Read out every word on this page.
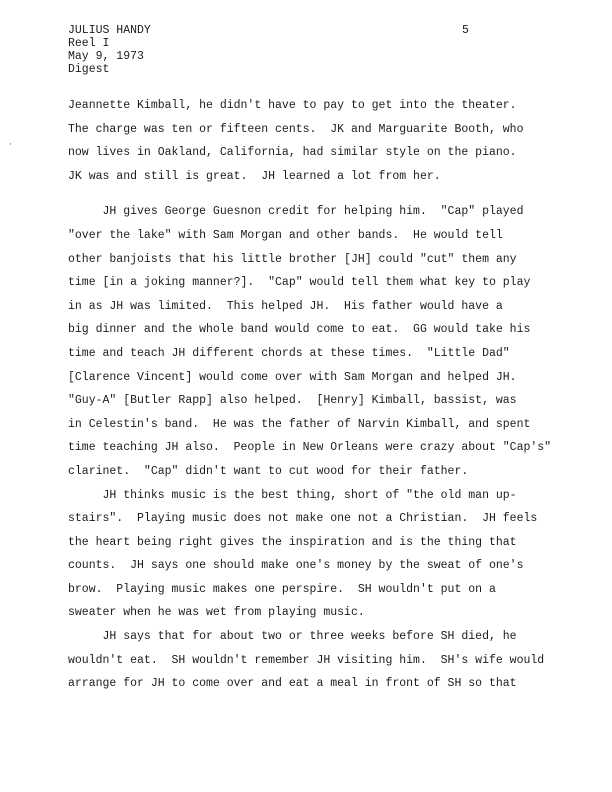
JULIUS HANDY
Reel I
May 9, 1973
Digest
5
·
Jeannette Kimball, he didn't have to pay to get into the theater.
The charge was ten or fifteen cents.  JK and Marguarite Booth, who
now lives in Oakland, California, had similar style on the piano.
JK was and still is great.  JH learned a lot from her.
JH gives George Guesnon credit for helping him.  "Cap" played
"over the lake" with Sam Morgan and other bands.  He would tell
other banjoists that his little brother [JH] could "cut" them any
time [in a joking manner?].  "Cap" would tell them what key to play
in as JH was limited.  This helped JH.  His father would have a
big dinner and the whole band would come to eat.  GG would take his
time and teach JH different chords at these times.  "Little Dad"
[Clarence Vincent] would come over with Sam Morgan and helped JH.
"Guy-A" [Butler Rapp] also helped.  [Henry] Kimball, bassist, was
in Celestin's band.  He was the father of Narvin Kimball, and spent
time teaching JH also.  People in New Orleans were crazy about "Cap's"
clarinet.  "Cap" didn't want to cut wood for their father.
JH thinks music is the best thing, short of "the old man up-
stairs".  Playing music does not make one not a Christian.  JH feels
the heart being right gives the inspiration and is the thing that
counts.  JH says one should make one's money by the sweat of one's
brow.  Playing music makes one perspire.  SH wouldn't put on a
sweater when he was wet from playing music.
JH says that for about two or three weeks before SH died, he
wouldn't eat.  SH wouldn't remember JH visiting him.  SH's wife would
arrange for JH to come over and eat a meal in front of SH so that
